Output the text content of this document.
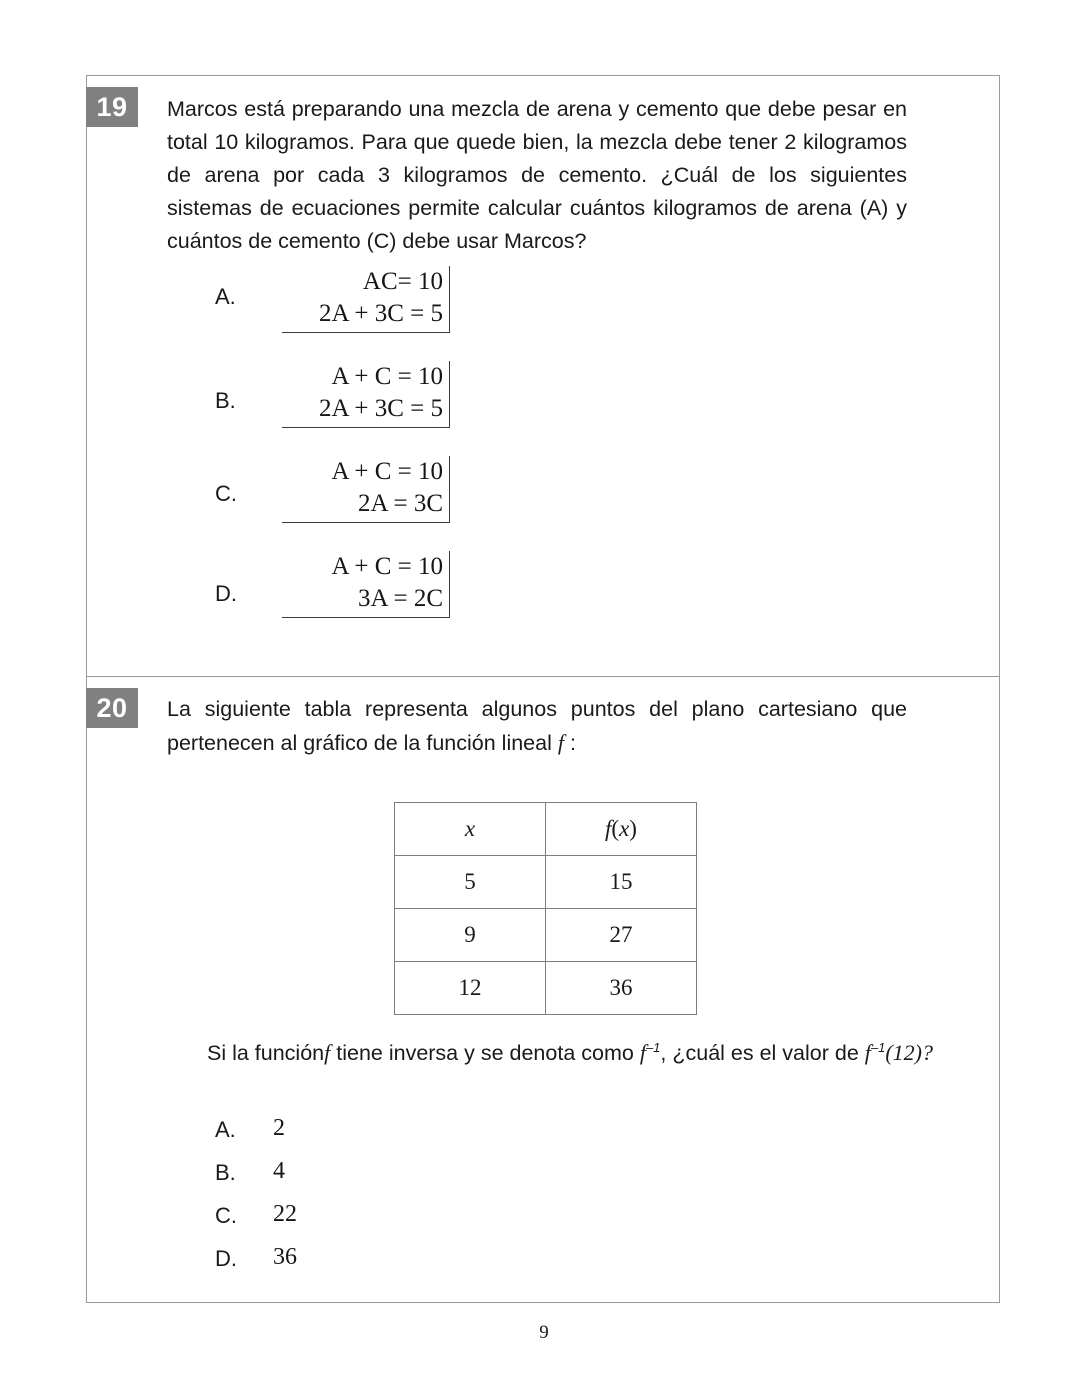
19	Marcos está preparando una mezcla de arena y cemento que debe pesar en total 10 kilogramos. Para que quede bien, la mezcla debe tener 2 kilogramos de arena por cada 3 kilogramos de cemento. ¿Cuál de los siguientes sistemas de ecuaciones permite calcular cuántos kilogramos de arena (A) y cuántos de cemento (C) debe usar Marcos?
A.
AC= 10
2A + 3C = 5
B.
A + C = 10
2A + 3C = 5
C.
A + C = 10
2A = 3C
D.
A + C = 10
3A = 2C
20	La siguiente tabla representa algunos puntos del plano cartesiano que pertenecen al gráfico de la función lineal f :
x	f(x)
5	15
9	27
12	36
Si la funciónf tiene inversa y se denota como $f^{-1}$, ¿cuál es el valor de $f^{-1}(12)$?
A. 2
B. 4
C. 22
D. 36
9
